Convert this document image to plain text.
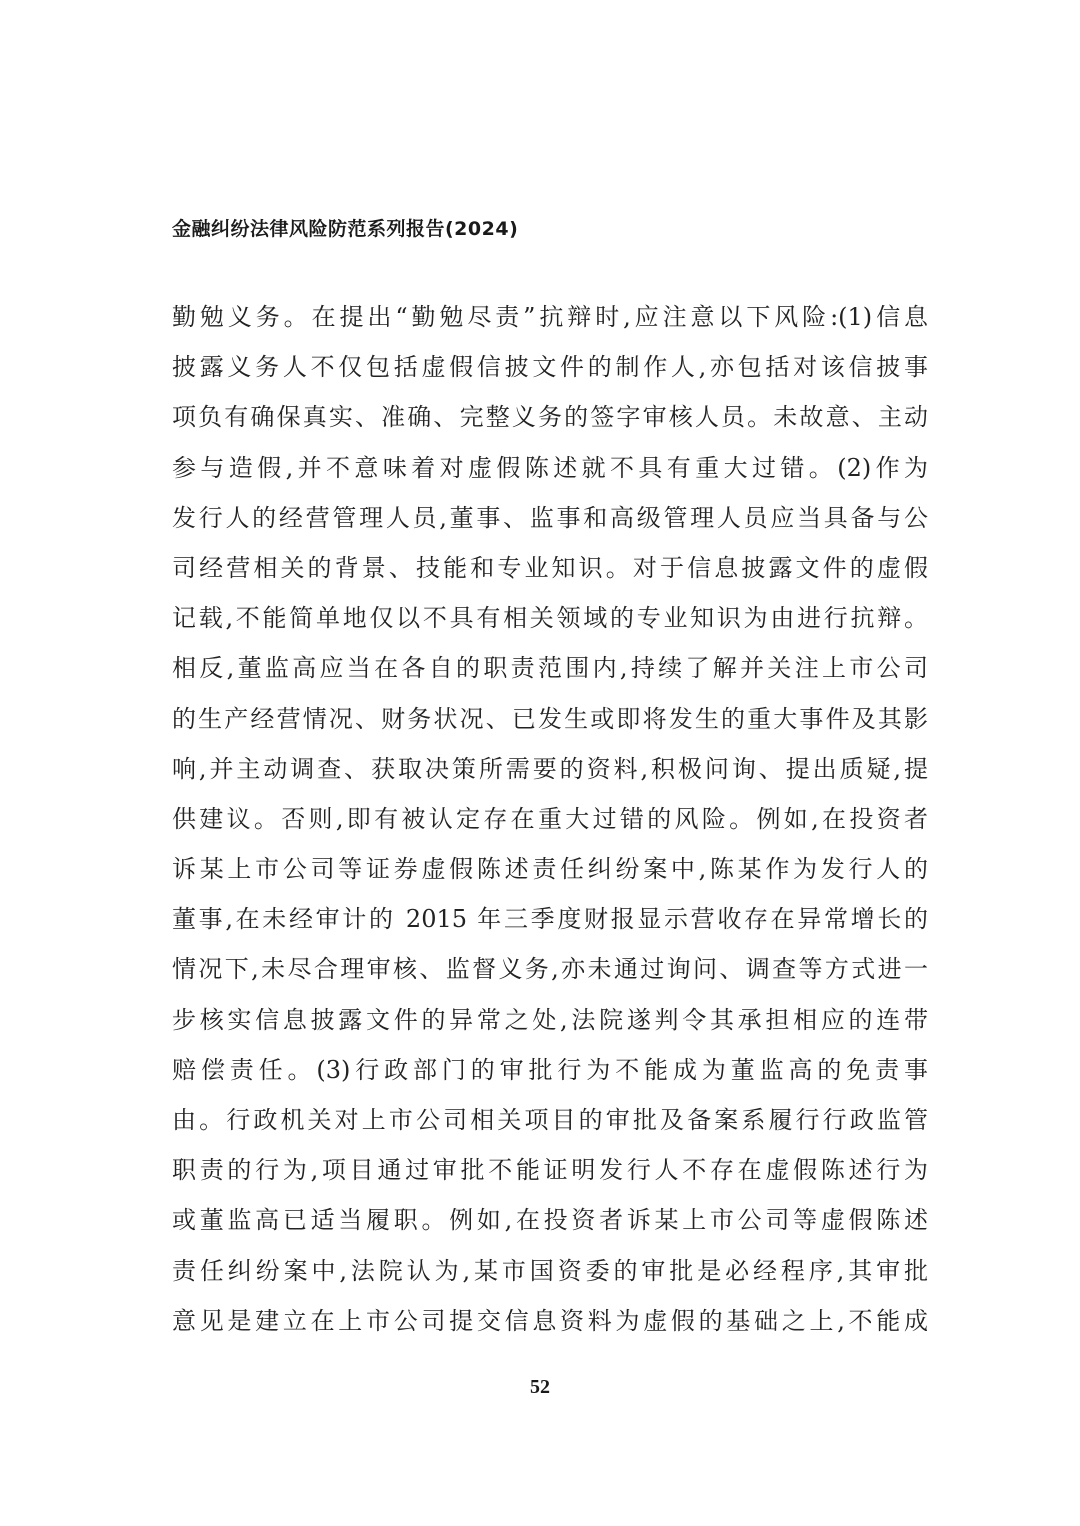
金融纠纷法律风险防范系列报告(2024)
勤勉义务。在提出“勤勉尽责”抗辩时,应注意以下风险:(1)信息
披露义务人不仅包括虚假信披文件的制作人,亦包括对该信披事
项负有确保真实、准确、完整义务的签字审核人员。未故意、主动
参与造假,并不意味着对虚假陈述就不具有重大过错。(2)作为
发行人的经营管理人员,董事、监事和高级管理人员应当具备与公
司经营相关的背景、技能和专业知识。对于信息披露文件的虚假
记载,不能简单地仅以不具有相关领域的专业知识为由进行抗辩。
相反,董监高应当在各自的职责范围内,持续了解并关注上市公司
的生产经营情况、财务状况、已发生或即将发生的重大事件及其影
响,并主动调查、获取决策所需要的资料,积极问询、提出质疑,提
供建议。否则,即有被认定存在重大过错的风险。例如,在投资者
诉某上市公司等证券虚假陈述责任纠纷案中,陈某作为发行人的
董事,在未经审计的 2015 年三季度财报显示营收存在异常增长的
情况下,未尽合理审核、监督义务,亦未通过询问、调查等方式进一
步核实信息披露文件的异常之处,法院遂判令其承担相应的连带
赔偿责任。(3)行政部门的审批行为不能成为董监高的免责事
由。行政机关对上市公司相关项目的审批及备案系履行行政监管
职责的行为,项目通过审批不能证明发行人不存在虚假陈述行为
或董监高已适当履职。例如,在投资者诉某上市公司等虚假陈述
责任纠纷案中,法院认为,某市国资委的审批是必经程序,其审批
意见是建立在上市公司提交信息资料为虚假的基础之上,不能成
52
